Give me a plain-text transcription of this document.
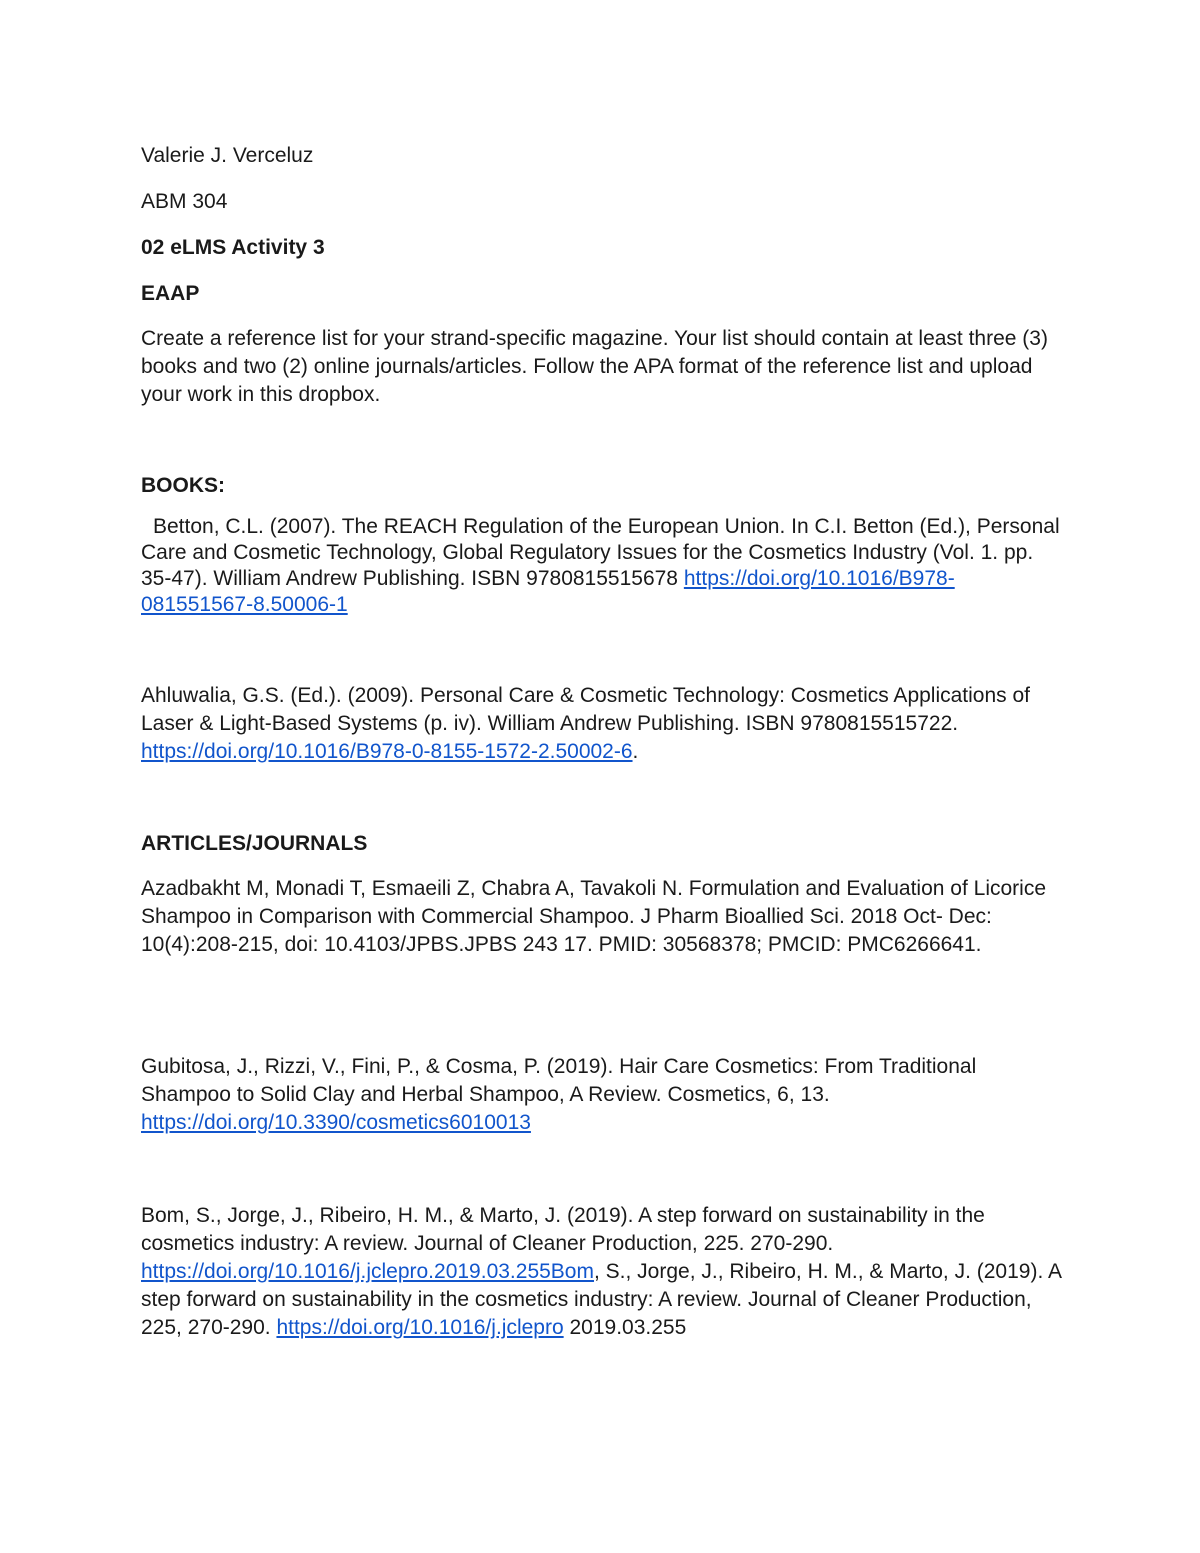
Valerie J. Verceluz
ABM 304
02 eLMS Activity 3
EAAP
Create a reference list for your strand-specific magazine. Your list should contain at least three (3) books and two (2) online journals/articles. Follow the APA format of the reference list and upload your work in this dropbox.
BOOKS:
Betton, C.L. (2007). The REACH Regulation of the European Union. In C.I. Betton (Ed.), Personal Care and Cosmetic Technology, Global Regulatory Issues for the Cosmetics Industry (Vol. 1. pp. 35-47). William Andrew Publishing. ISBN 9780815515678 https://doi.org/10.1016/B978-081551567-8.50006-1
Ahluwalia, G.S. (Ed.). (2009). Personal Care & Cosmetic Technology: Cosmetics Applications of Laser & Light-Based Systems (p. iv). William Andrew Publishing. ISBN 9780815515722. https://doi.org/10.1016/B978-0-8155-1572-2.50002-6.
ARTICLES/JOURNALS
Azadbakht M, Monadi T, Esmaeili Z, Chabra A, Tavakoli N. Formulation and Evaluation of Licorice Shampoo in Comparison with Commercial Shampoo. J Pharm Bioallied Sci. 2018 Oct- Dec: 10(4):208-215, doi: 10.4103/JPBS.JPBS 243 17. PMID: 30568378; PMCID: PMC6266641.
Gubitosa, J., Rizzi, V., Fini, P., & Cosma, P. (2019). Hair Care Cosmetics: From Traditional Shampoo to Solid Clay and Herbal Shampoo, A Review. Cosmetics, 6, 13. https://doi.org/10.3390/cosmetics6010013
Bom, S., Jorge, J., Ribeiro, H. M., & Marto, J. (2019). A step forward on sustainability in the cosmetics industry: A review. Journal of Cleaner Production, 225. 270-290. https://doi.org/10.1016/j.jclepro.2019.03.255Bom, S., Jorge, J., Ribeiro, H. M., & Marto, J. (2019). A step forward on sustainability in the cosmetics industry: A review. Journal of Cleaner Production, 225, 270-290. https://doi.org/10.1016/j.jclepro 2019.03.255
